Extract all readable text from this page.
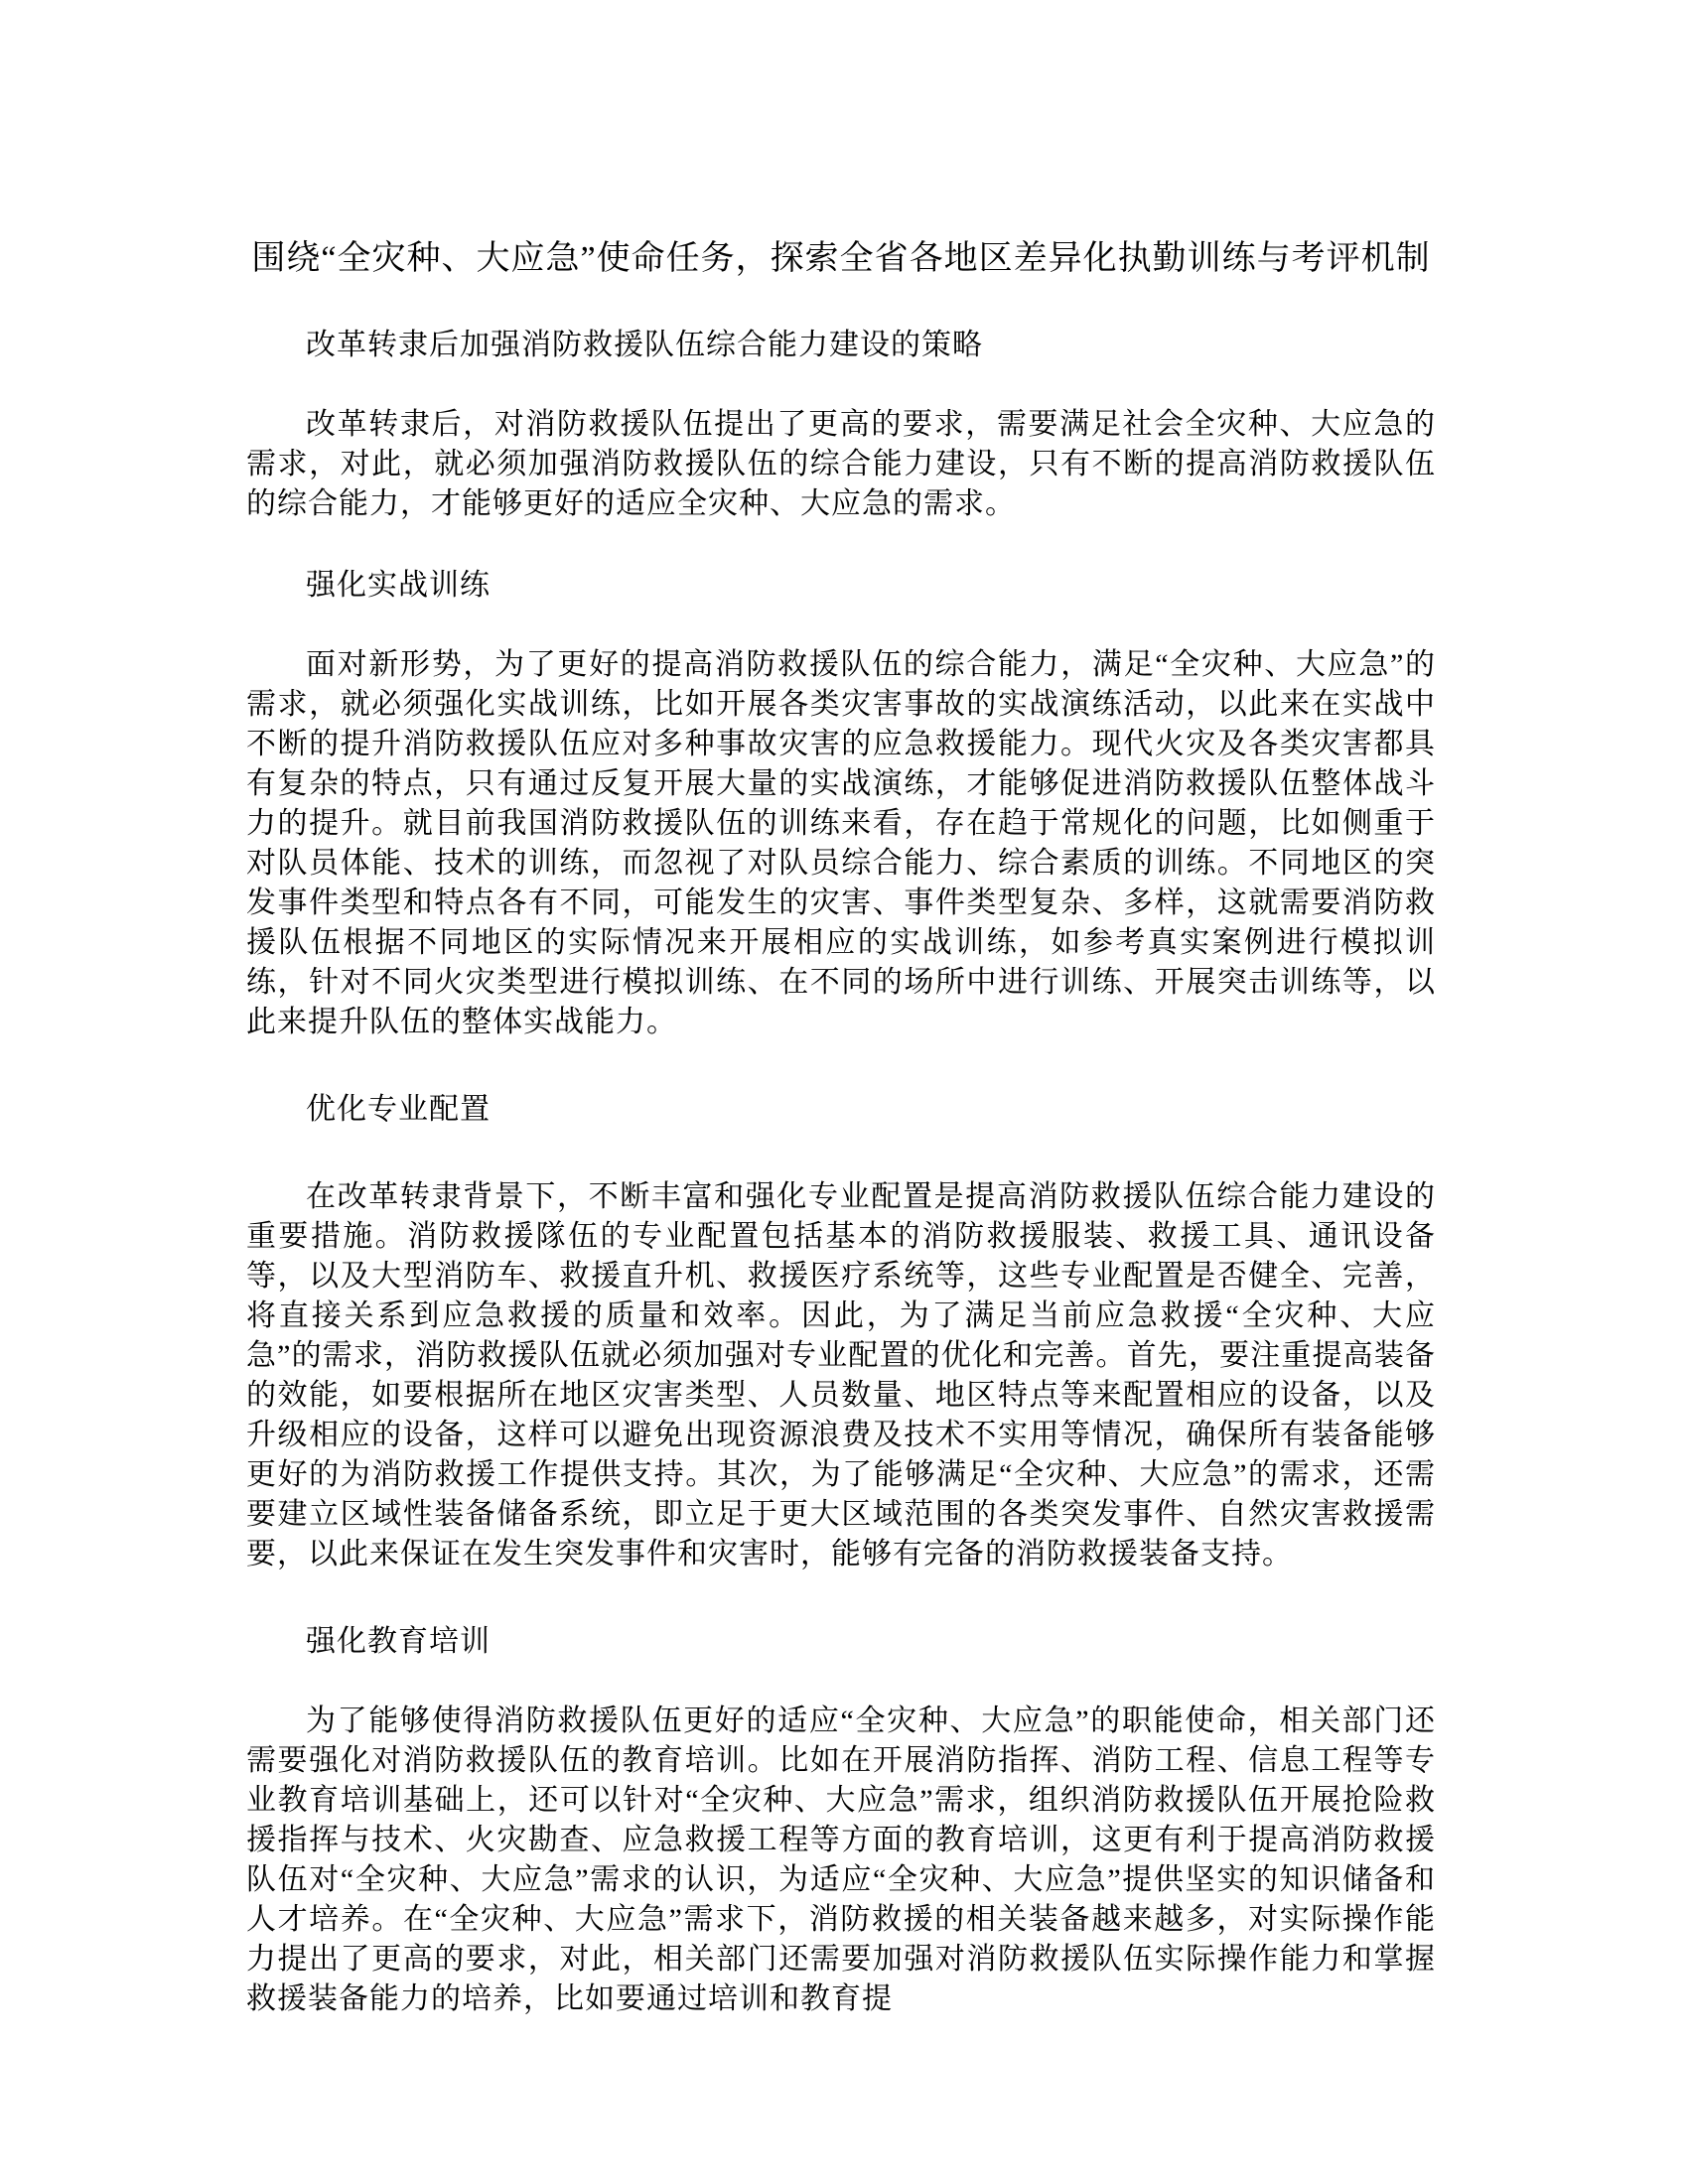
围绕“全灾种、大应急”使命任务，探索全省各地区差异化执勤训练与考评机制

改革转隶后加强消防救援队伍综合能力建设的策略

改革转隶后，对消防救援队伍提出了更高的要求，需要满足社会全灾种、大应急的需求，对此，就必须加强消防救援队伍的综合能力建设，只有不断的提高消防救援队伍的综合能力，才能够更好的适应全灾种、大应急的需求。

强化实战训练

面对新形势，为了更好的提高消防救援队伍的综合能力，满足“全灾种、大应急”的需求，就必须强化实战训练，比如开展各类灾害事故的实战演练活动，以此来在实战中不断的提升消防救援队伍应对多种事故灾害的应急救援能力。现代火灾及各类灾害都具有复杂的特点，只有通过反复开展大量的实战演练，才能够促进消防救援队伍整体战斗力的提升。就目前我国消防救援队伍的训练来看，存在趋于常规化的问题，比如侧重于对队员体能、技术的训练，而忽视了对队员综合能力、综合素质的训练。不同地区的突发事件类型和特点各有不同，可能发生的灾害、事件类型复杂、多样，这就需要消防救援队伍根据不同地区的实际情况来开展相应的实战训练，如参考真实案例进行模拟训练，针对不同火灾类型进行模拟训练、在不同的场所中进行训练、开展突击训练等，以此来提升队伍的整体实战能力。

优化专业配置

在改革转隶背景下，不断丰富和强化专业配置是提高消防救援队伍综合能力建设的重要措施。消防救援隊伍的专业配置包括基本的消防救援服装、救援工具、通讯设备等，以及大型消防车、救援直升机、救援医疗系统等，这些专业配置是否健全、完善，将直接关系到应急救援的质量和效率。因此，为了满足当前应急救援“全灾种、大应急”的需求，消防救援队伍就必须加强对专业配置的优化和完善。首先，要注重提高装备的效能，如要根据所在地区灾害类型、人员数量、地区特点等来配置相应的设备，以及升级相应的设备，这样可以避免出现资源浪费及技术不实用等情况，确保所有装备能够更好的为消防救援工作提供支持。其次，为了能够满足“全灾种、大应急”的需求，还需要建立区域性装备储备系统，即立足于更大区域范围的各类突发事件、自然灾害救援需要，以此来保证在发生突发事件和灾害时，能够有完备的消防救援装备支持。

强化教育培训

为了能够使得消防救援队伍更好的适应“全灾种、大应急”的职能使命，相关部门还需要强化对消防救援队伍的教育培训。比如在开展消防指挥、消防工程、信息工程等专业教育培训基础上，还可以针对“全灾种、大应急”需求，组织消防救援队伍开展抢险救援指挥与技术、火灾勘查、应急救援工程等方面的教育培训，这更有利于提高消防救援队伍对“全灾种、大应急”需求的认识，为适应“全灾种、大应急”提供坚实的知识储备和人才培养。在“全灾种、大应急”需求下，消防救援的相关装备越来越多，对实际操作能力提出了更高的要求，对此，相关部门还需要加强对消防救援队伍实际操作能力和掌握救援装备能力的培养，比如要通过培训和教育提
